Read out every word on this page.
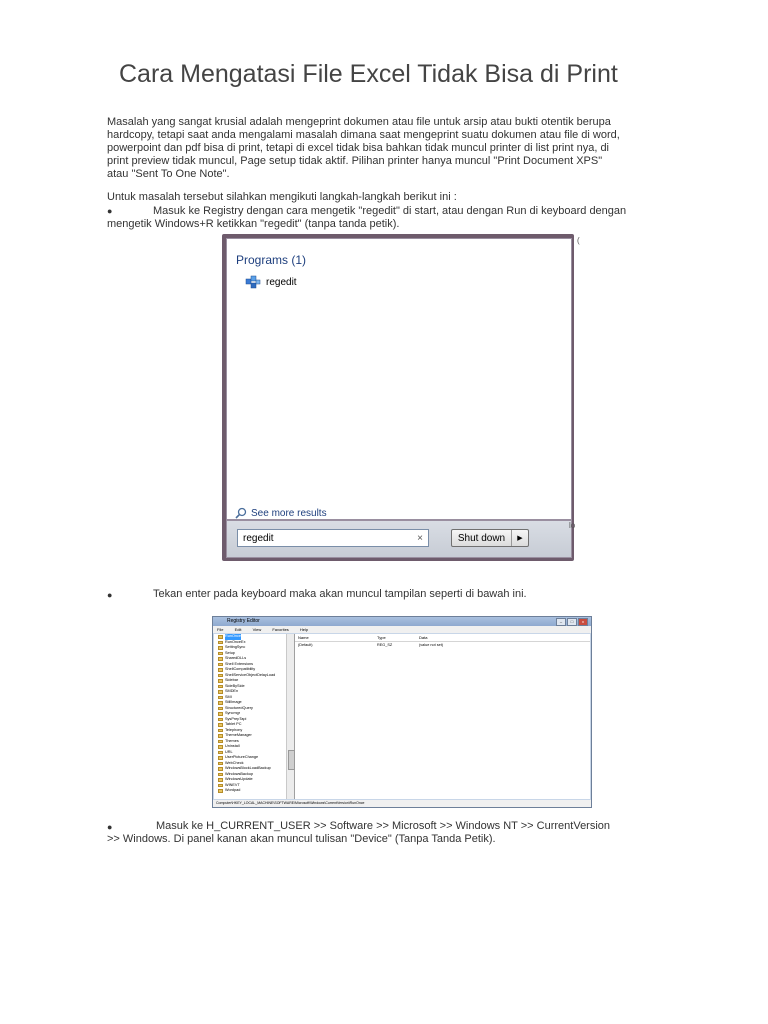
Cara Mengatasi File Excel Tidak Bisa di Print

Masalah yang sangat krusial adalah mengeprint dokumen atau file untuk arsip atau bukti otentik berupa

hardcopy, tetapi saat anda mengalami masalah dimana saat mengeprint suatu dokumen atau file di word,

powerpoint dan pdf bisa di print, tetapi di excel tidak bisa bahkan tidak muncul printer di list print nya, di

print preview tidak muncul, Page setup tidak aktif. Pilihan printer hanya muncul "Print Document XPS"

atau "Sent To One Note".

Untuk masalah tersebut silahkan mengikuti langkah-langkah berikut ini :

●	Masuk ke Registry dengan cara mengetik "regedit" di start, atau dengan Run di keyboard dengan

mengetik Windows+R ketikkan "regedit" (tanpa tanda petik).

Programs (1)
regedit
See more results
regedit	×	Shut down	▶
(
lo
●	Tekan enter pada keyboard maka akan muncul tampilan seperti di bawah ini.

Registry Editor	–	□	x
File	Edit	View	Favorites	Help
RunOnce
RunOnceEx
SettingSync
Setup
SharedDLLs
Shell Extensions
ShellCompatibility
ShellServiceObjectDelayLoad
Sidebar
SideBySide
SMDEn
SMI
StillImage
StructuredQuery
Syncmgr
SysPrepTapi
Tablet PC
Telephony
ThemeManager
Themes
Uninstall
URL
UserPictureChange
WebCheck
WindowsBlockLoadBackup
WindowsBackup
WindowsUpdate
WINEVT
Wordpad
Name	Type	Data
(Default)	REG_SZ	(value not set)
Computer\HKEY_LOCAL_MACHINE\SOFTWARE\Microsoft\Windows\CurrentVersion\RunOnce
●	Masuk ke H_CURRENT_USER >> Software >> Microsoft >> Windows NT >> CurrentVersion

>> Windows. Di panel kanan akan muncul tulisan "Device" (Tanpa Tanda Petik).
